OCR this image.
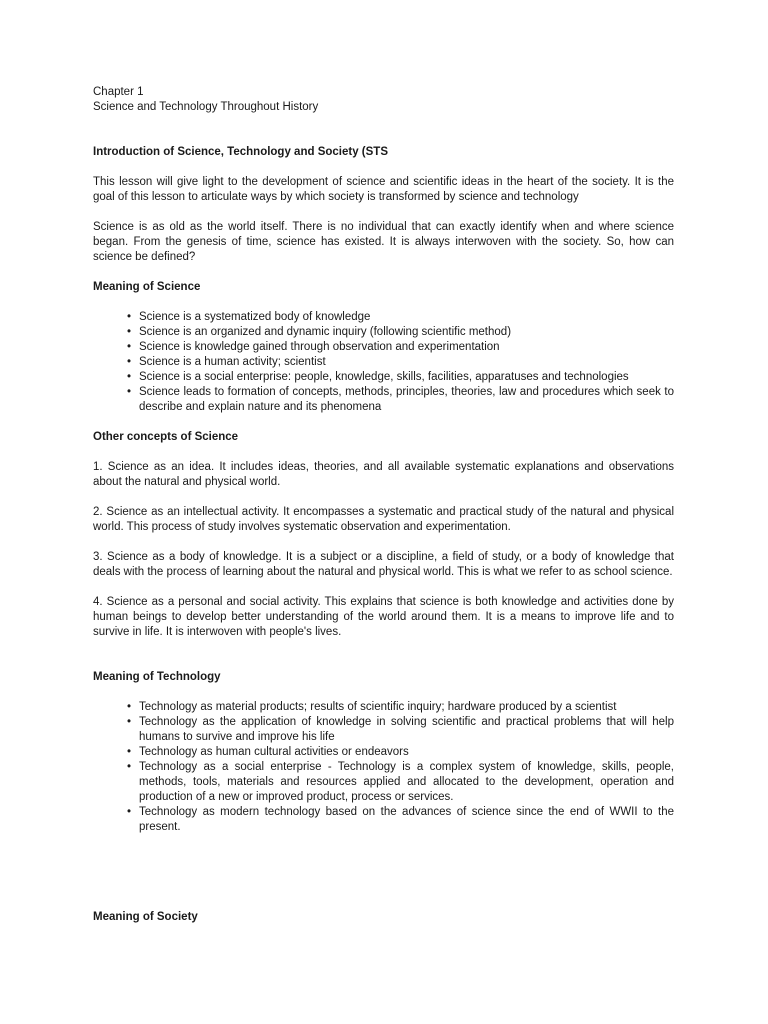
Chapter 1
Science and Technology Throughout History
Introduction of Science, Technology and Society (STS

This lesson will give light to the development of science and scientific ideas in the heart of the society. It is the goal of this lesson to articulate ways by which society is transformed by science and technology

Science is as old as the world itself. There is no individual that can exactly identify when and where science began. From the genesis of time, science has existed. It is always interwoven with the society. So, how can science be defined?

Meaning of Science
• Science is a systematized body of knowledge
• Science is an organized and dynamic inquiry (following scientific method)
• Science is knowledge gained through observation and experimentation
• Science is a human activity; scientist
• Science is a social enterprise: people, knowledge, skills, facilities, apparatuses and technologies
• Science leads to formation of concepts, methods, principles, theories, law and procedures which seek to describe and explain nature and its phenomena
Other concepts of Science

1. Science as an idea. It includes ideas, theories, and all available systematic explanations and observations about the natural and physical world.

2. Science as an intellectual activity. It encompasses a systematic and practical study of the natural and physical world. This process of study involves systematic observation and experimentation.

3. Science as a body of knowledge. It is a subject or a discipline, a field of study, or a body of knowledge that deals with the process of learning about the natural and physical world. This is what we refer to as school science.

4. Science as a personal and social activity. This explains that science is both knowledge and activities done by human beings to develop better understanding of the world around them. It is a means to improve life and to survive in life. It is interwoven with people's lives.

Meaning of Technology
• Technology as material products; results of scientific inquiry; hardware produced by a scientist
• Technology as the application of knowledge in solving scientific and practical problems that will help humans to survive and improve his life
• Technology as human cultural activities or endeavors
• Technology as a social enterprise - Technology is a complex system of knowledge, skills, people, methods, tools, materials and resources applied and allocated to the development, operation and production of a new or improved product, process or services.
• Technology as modern technology based on the advances of science since the end of WWII to the present.
Meaning of Society
